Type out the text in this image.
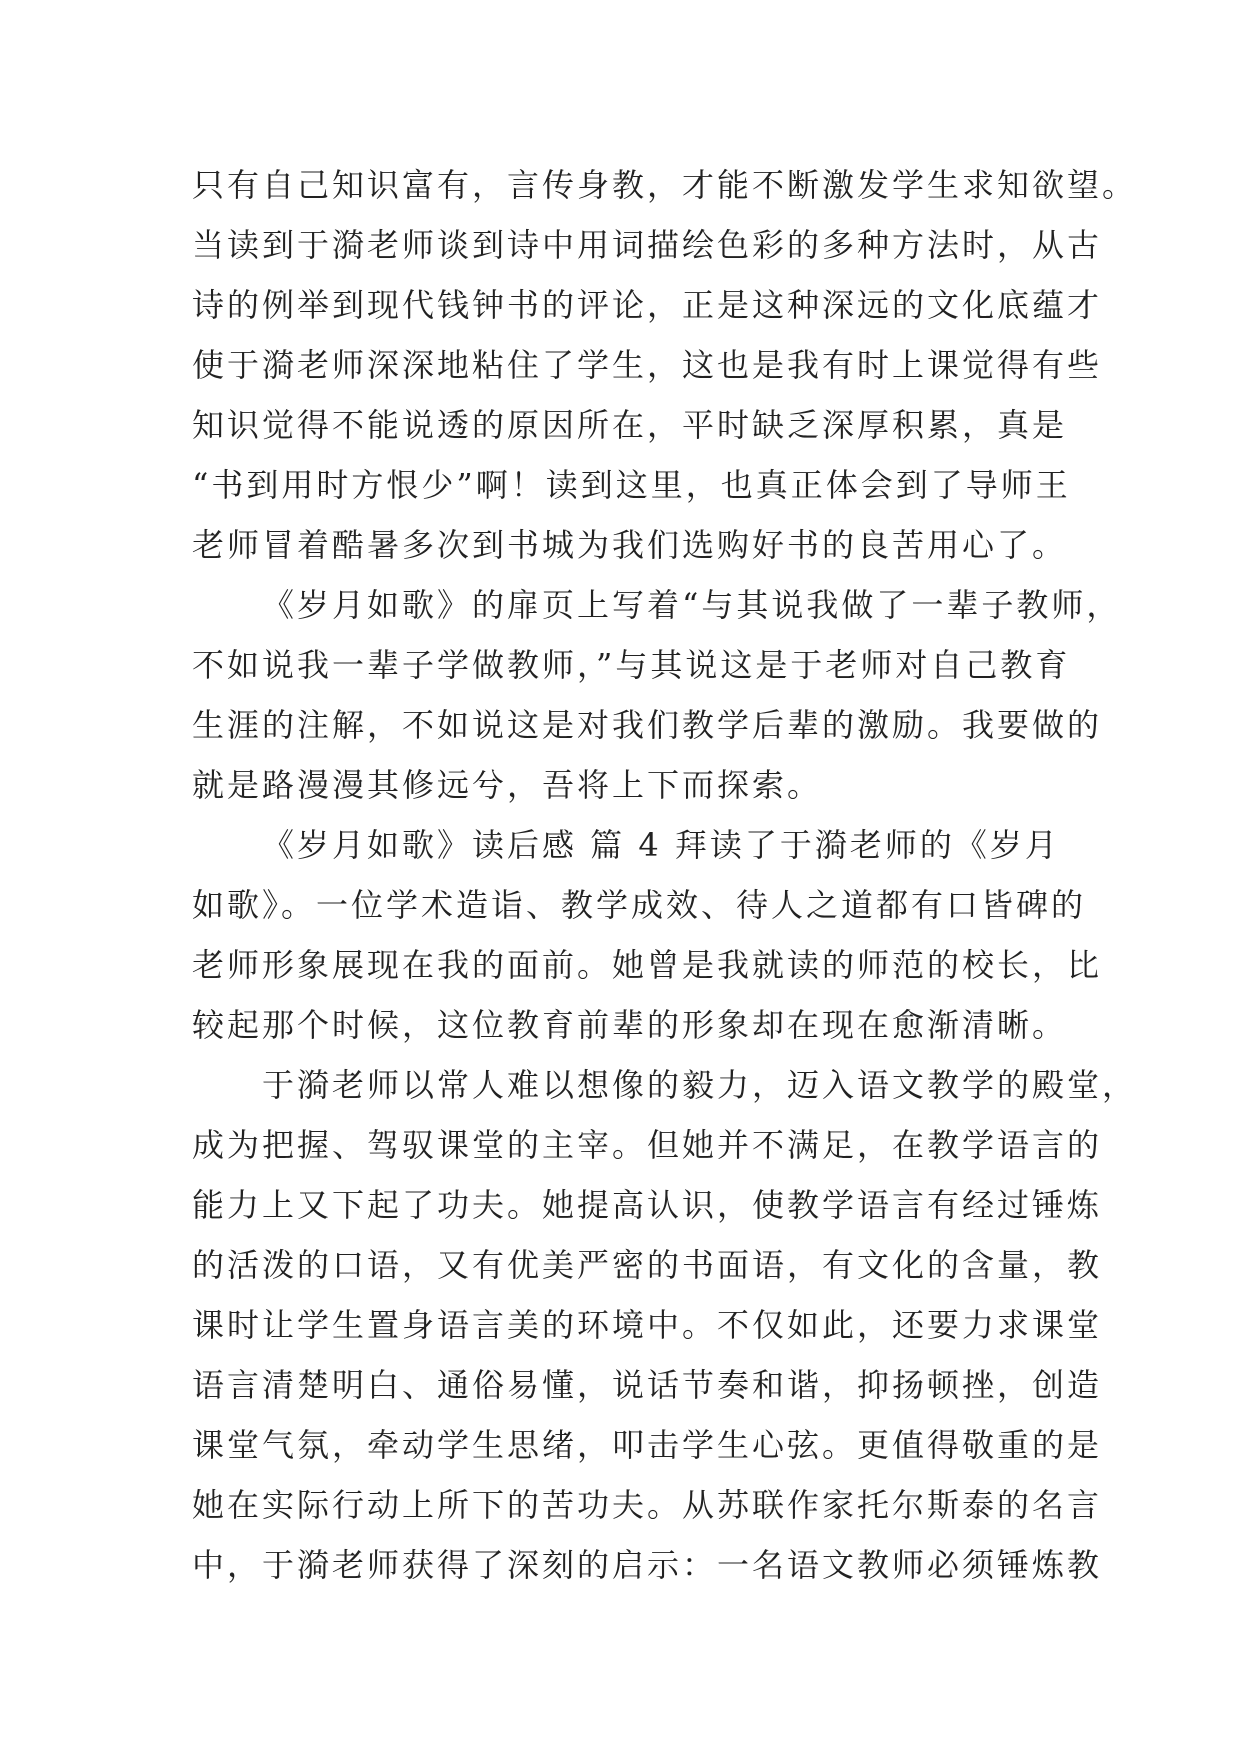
只有自己知识富有，言传身教，才能不断激发学生求知欲望。
当读到于漪老师谈到诗中用词描绘色彩的多种方法时，从古
诗的例举到现代钱钟书的评论，正是这种深远的文化底蕴才
使于漪老师深深地粘住了学生，这也是我有时上课觉得有些
知识觉得不能说透的原因所在，平时缺乏深厚积累，真是
“书到用时方恨少”啊！读到这里，也真正体会到了导师王
老师冒着酷暑多次到书城为我们选购好书的良苦用心了。
《岁月如歌》的扉页上写着“与其说我做了一辈子教师，
不如说我一辈子学做教师，”与其说这是于老师对自己教育
生涯的注解，不如说这是对我们教学后辈的激励。我要做的
就是路漫漫其修远兮，吾将上下而探索。
《岁月如歌》读后感 篇 4 拜读了于漪老师的《岁月
如歌》。一位学术造诣、教学成效、待人之道都有口皆碑的
老师形象展现在我的面前。她曾是我就读的师范的校长，比
较起那个时候，这位教育前辈的形象却在现在愈渐清晰。
于漪老师以常人难以想像的毅力，迈入语文教学的殿堂，
成为把握、驾驭课堂的主宰。但她并不满足，在教学语言的
能力上又下起了功夫。她提高认识，使教学语言有经过锤炼
的活泼的口语，又有优美严密的书面语，有文化的含量，教
课时让学生置身语言美的环境中。不仅如此，还要力求课堂
语言清楚明白、通俗易懂，说话节奏和谐，抑扬顿挫，创造
课堂气氛，牵动学生思绪，叩击学生心弦。更值得敬重的是
她在实际行动上所下的苦功夫。从苏联作家托尔斯泰的名言
中，于漪老师获得了深刻的启示：一名语文教师必须锤炼教
